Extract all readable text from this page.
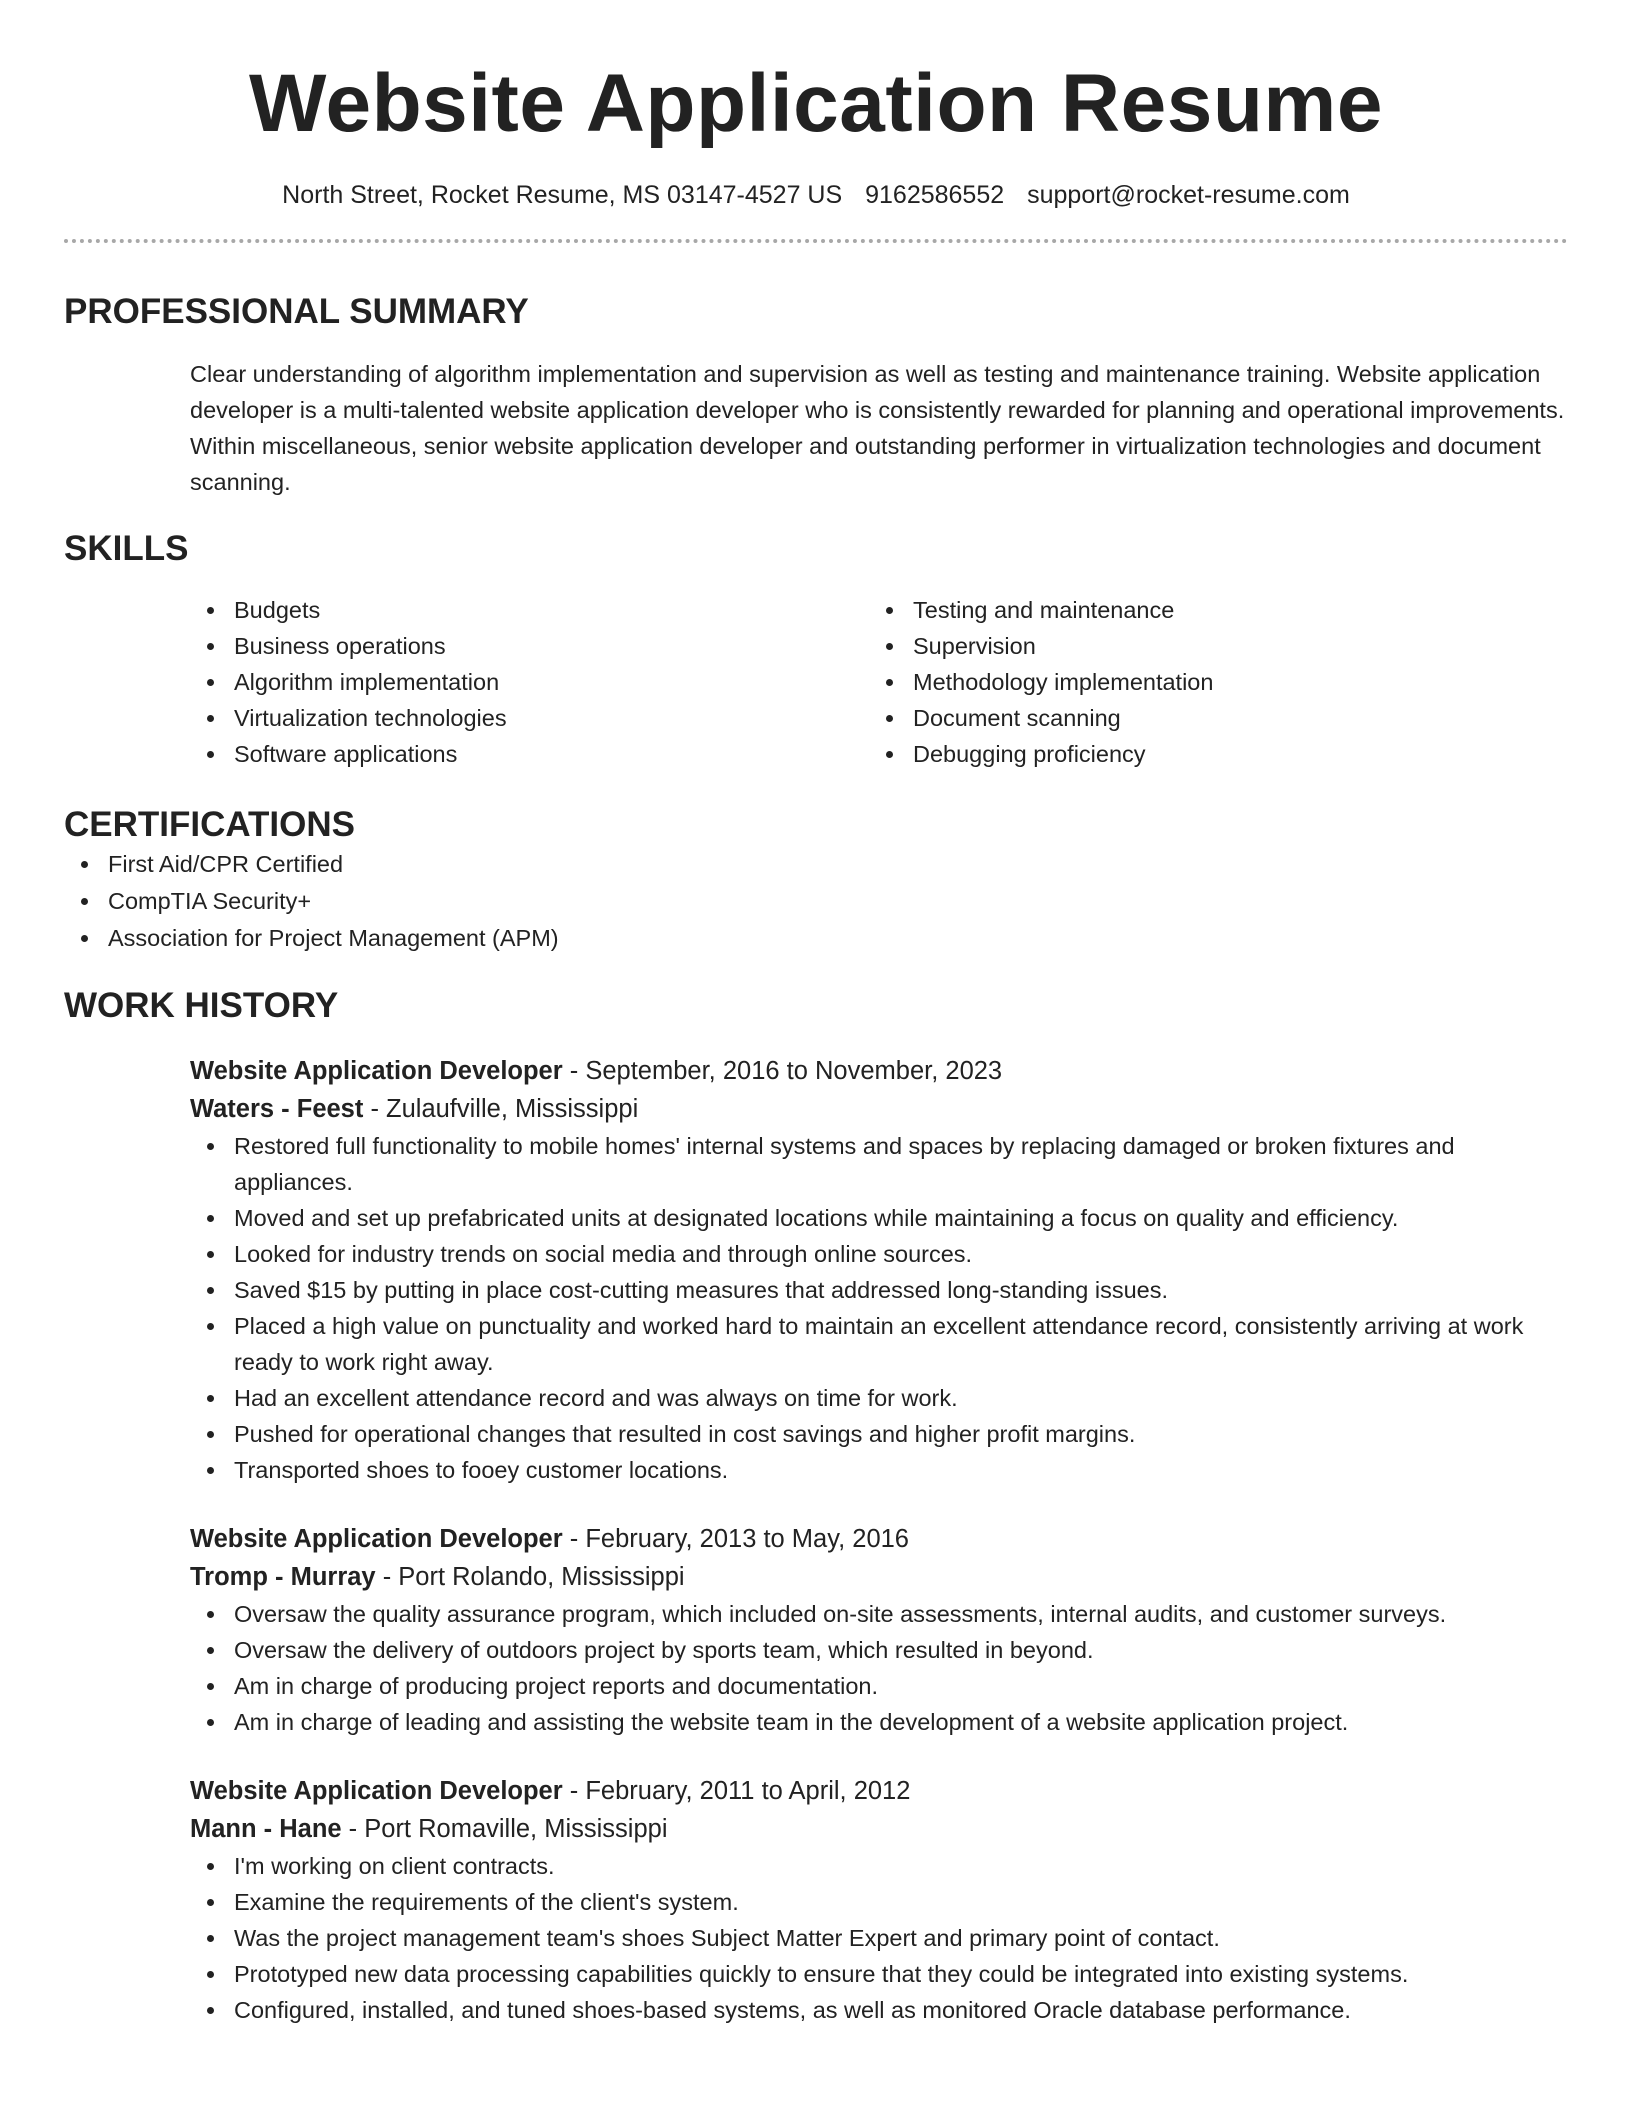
Website Application Resume
North Street, Rocket Resume, MS 03147-4527 US 9162586552 support@rocket-resume.com
PROFESSIONAL SUMMARY

Clear understanding of algorithm implementation and supervision as well as testing and maintenance training. Website application developer is a multi-talented website application developer who is consistently rewarded for planning and operational improvements. Within miscellaneous, senior website application developer and outstanding performer in virtualization technologies and document scanning.

SKILLS
Budgets
Business operations
Algorithm implementation
Virtualization technologies
Software applications
Testing and maintenance
Supervision
Methodology implementation
Document scanning
Debugging proficiency
CERTIFICATIONS
First Aid/CPR Certified
CompTIA Security+
Association for Project Management (APM)
WORK HISTORY
Website Application Developer - September, 2016 to November, 2023
Waters - Feest - Zulaufville, Mississippi
Restored full functionality to mobile homes' internal systems and spaces by replacing damaged or broken fixtures and appliances.
Moved and set up prefabricated units at designated locations while maintaining a focus on quality and efficiency.
Looked for industry trends on social media and through online sources.
Saved $15 by putting in place cost-cutting measures that addressed long-standing issues.
Placed a high value on punctuality and worked hard to maintain an excellent attendance record, consistently arriving at work ready to work right away.
Had an excellent attendance record and was always on time for work.
Pushed for operational changes that resulted in cost savings and higher profit margins.
Transported shoes to fooey customer locations.
Website Application Developer - February, 2013 to May, 2016
Tromp - Murray - Port Rolando, Mississippi
Oversaw the quality assurance program, which included on-site assessments, internal audits, and customer surveys.
Oversaw the delivery of outdoors project by sports team, which resulted in beyond.
Am in charge of producing project reports and documentation.
Am in charge of leading and assisting the website team in the development of a website application project.
Website Application Developer - February, 2011 to April, 2012
Mann - Hane - Port Romaville, Mississippi
I'm working on client contracts.
Examine the requirements of the client's system.
Was the project management team's shoes Subject Matter Expert and primary point of contact.
Prototyped new data processing capabilities quickly to ensure that they could be integrated into existing systems.
Configured, installed, and tuned shoes-based systems, as well as monitored Oracle database performance.
